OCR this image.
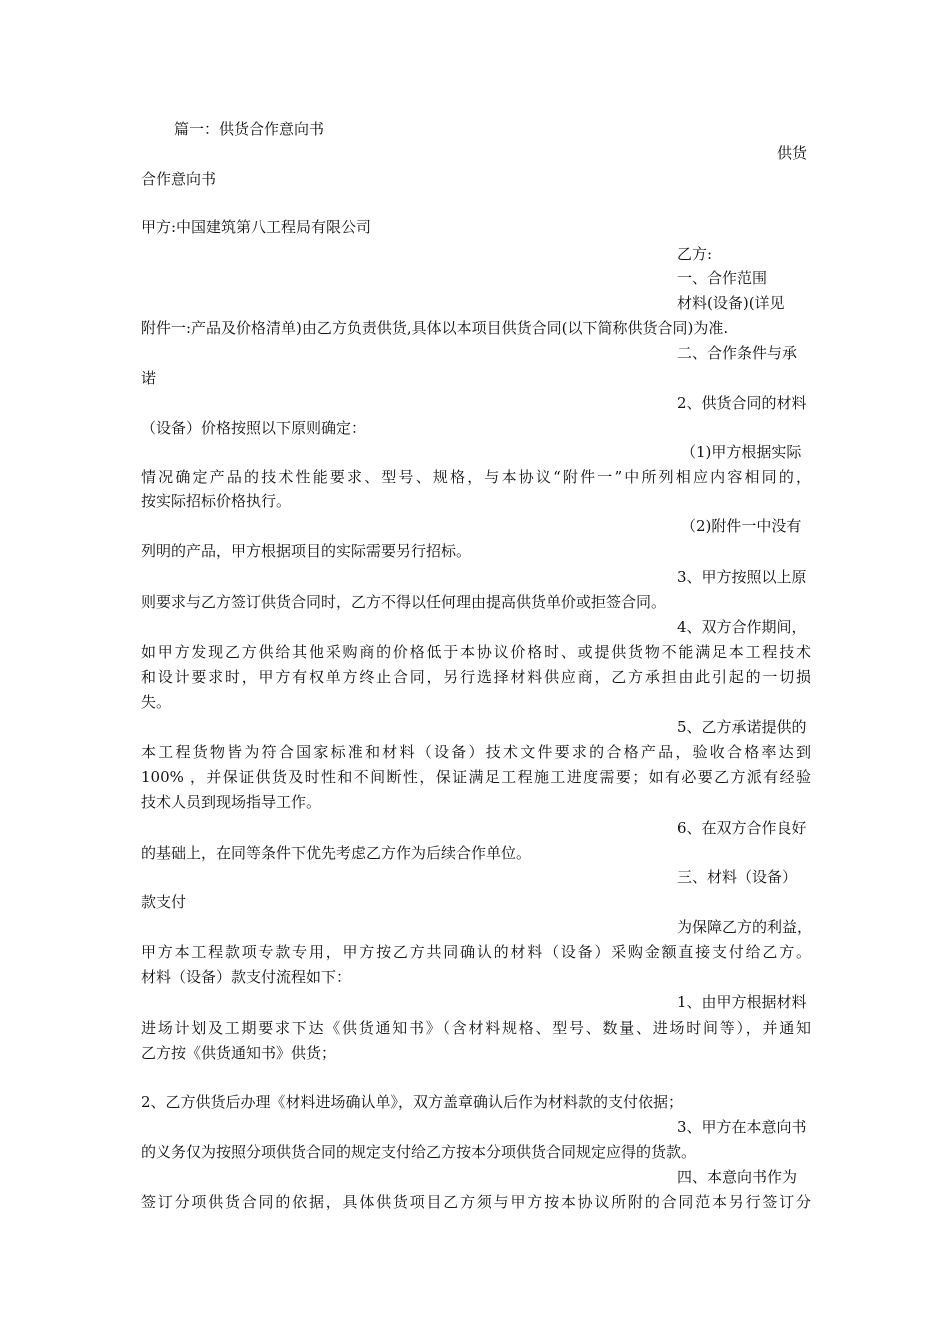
篇一：供货合作意向书
供货
合作意向书
甲方:中国建筑第八工程局有限公司
乙方:
一、合作范围
材料(设备)(详见
附件一:产品及价格清单)由乙方负责供货,具体以本项目供货合同(以下简称供货合同)为准.
二、合作条件与承
诺
2、供货合同的材料
（设备）价格按照以下原则确定：
（1)甲方根据实际
情况确定产品的技术性能要求、型号、规格，与本协议“附件一”中所列相应内容相同的，
按实际招标价格执行。
（2)附件一中没有
列明的产品，甲方根据项目的实际需要另行招标。
3、甲方按照以上原
则要求与乙方签订供货合同时，乙方不得以任何理由提高供货单价或拒签合同。
4、双方合作期间，
如甲方发现乙方供给其他采购商的价格低于本协议价格时、或提供货物不能满足本工程技术
和设计要求时，甲方有权单方终止合同，另行选择材料供应商，乙方承担由此引起的一切损
失。
5、乙方承诺提供的
本工程货物皆为符合国家标准和材料（设备）技术文件要求的合格产品，验收合格率达到
100% ，并保证供货及时性和不间断性，保证满足工程施工进度需要；如有必要乙方派有经验
技术人员到现场指导工作。
6、在双方合作良好
的基础上，在同等条件下优先考虑乙方作为后续合作单位。
三、材料（设备）
款支付
为保障乙方的利益，
甲方本工程款项专款专用，甲方按乙方共同确认的材料（设备）采购金额直接支付给乙方。
材料（设备）款支付流程如下：
1、由甲方根据材料
进场计划及工期要求下达《供货通知书》（含材料规格、型号、数量、进场时间等），并通知
乙方按《供货通知书》供货；
2、乙方供货后办理《材料进场确认单》，双方盖章确认后作为材料款的支付依据；
3、甲方在本意向书
的义务仅为按照分项供货合同的规定支付给乙方按本分项供货合同规定应得的货款。
四、本意向书作为
签订分项供货合同的依据，具体供货项目乙方须与甲方按本协议所附的合同范本另行签订分
